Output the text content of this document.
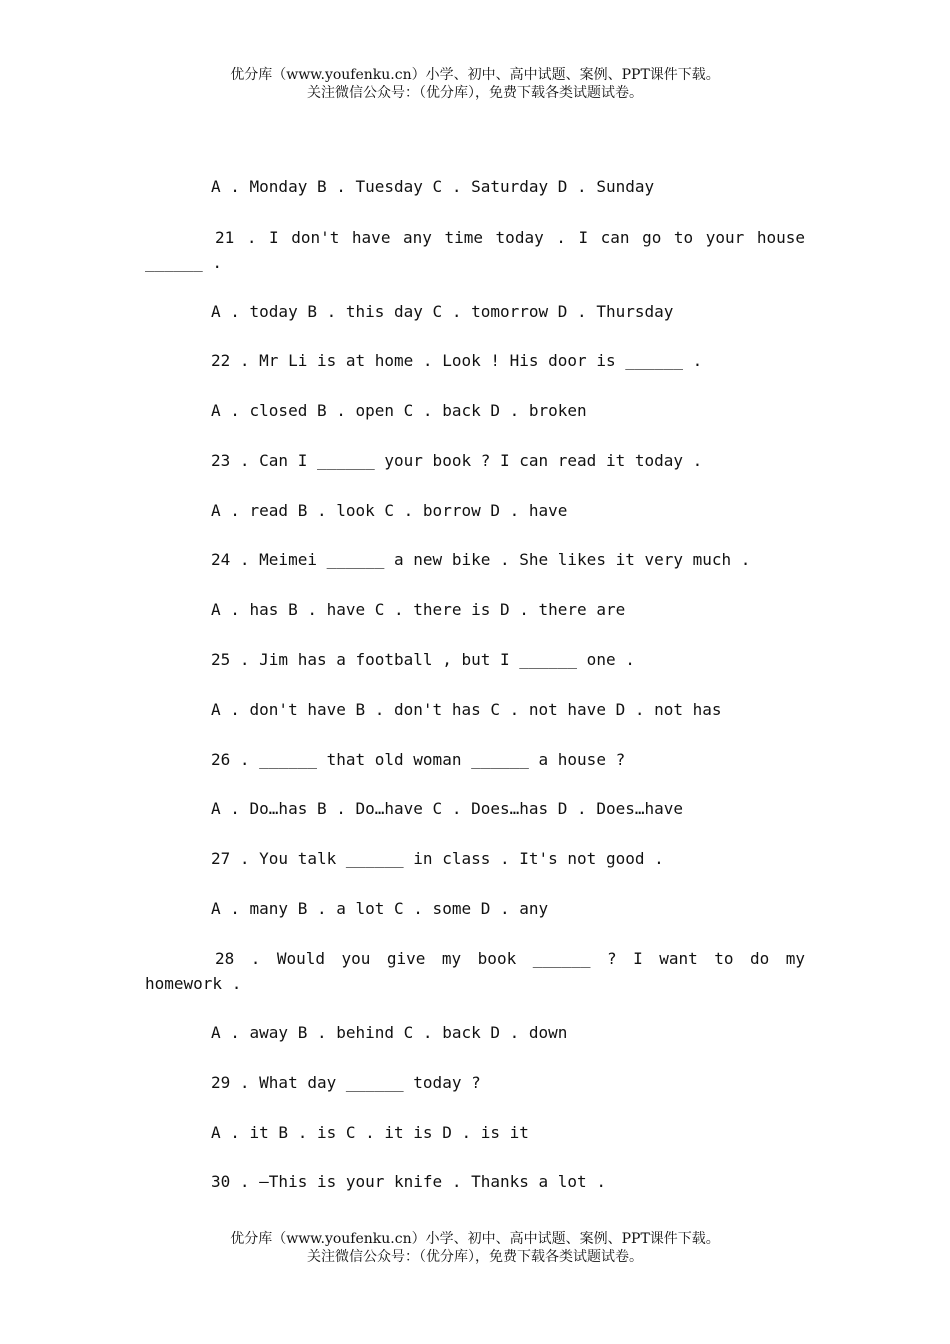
优分库（www.youfenku.cn）小学、初中、高中试题、案例、PPT课件下载。
关注微信公众号：（优分库），免费下载各类试题试卷。
A . Monday B . Tuesday C . Saturday D . Sunday
21 . I don't have any time today . I can go to your house
______ .
A . today B . this day C . tomorrow D . Thursday
22 . Mr Li is at home . Look ! His door is ______ .
A . closed B . open C . back D . broken
23 . Can I ______ your book ? I can read it today .
A . read B . look C . borrow D . have
24 . Meimei ______ a new bike . She likes it very much .
A . has B . have C . there is D . there are
25 . Jim has a football , but I ______ one .
A . don't have B . don't has C . not have D . not has
26 . ______ that old woman ______ a house ?
A . Do…has B . Do…have C . Does…has D . Does…have
27 . You talk ______ in class . It's not good .
A . many B . a lot C . some D . any
28 . Would you give my book ______ ? I want to do my
homework .
A . away B . behind C . back D . down
29 . What day ______ today ?
A . it B . is C . it is D . is it
30 . —This is your knife . Thanks a lot .
优分库（www.youfenku.cn）小学、初中、高中试题、案例、PPT课件下载。
关注微信公众号：（优分库），免费下载各类试题试卷。
